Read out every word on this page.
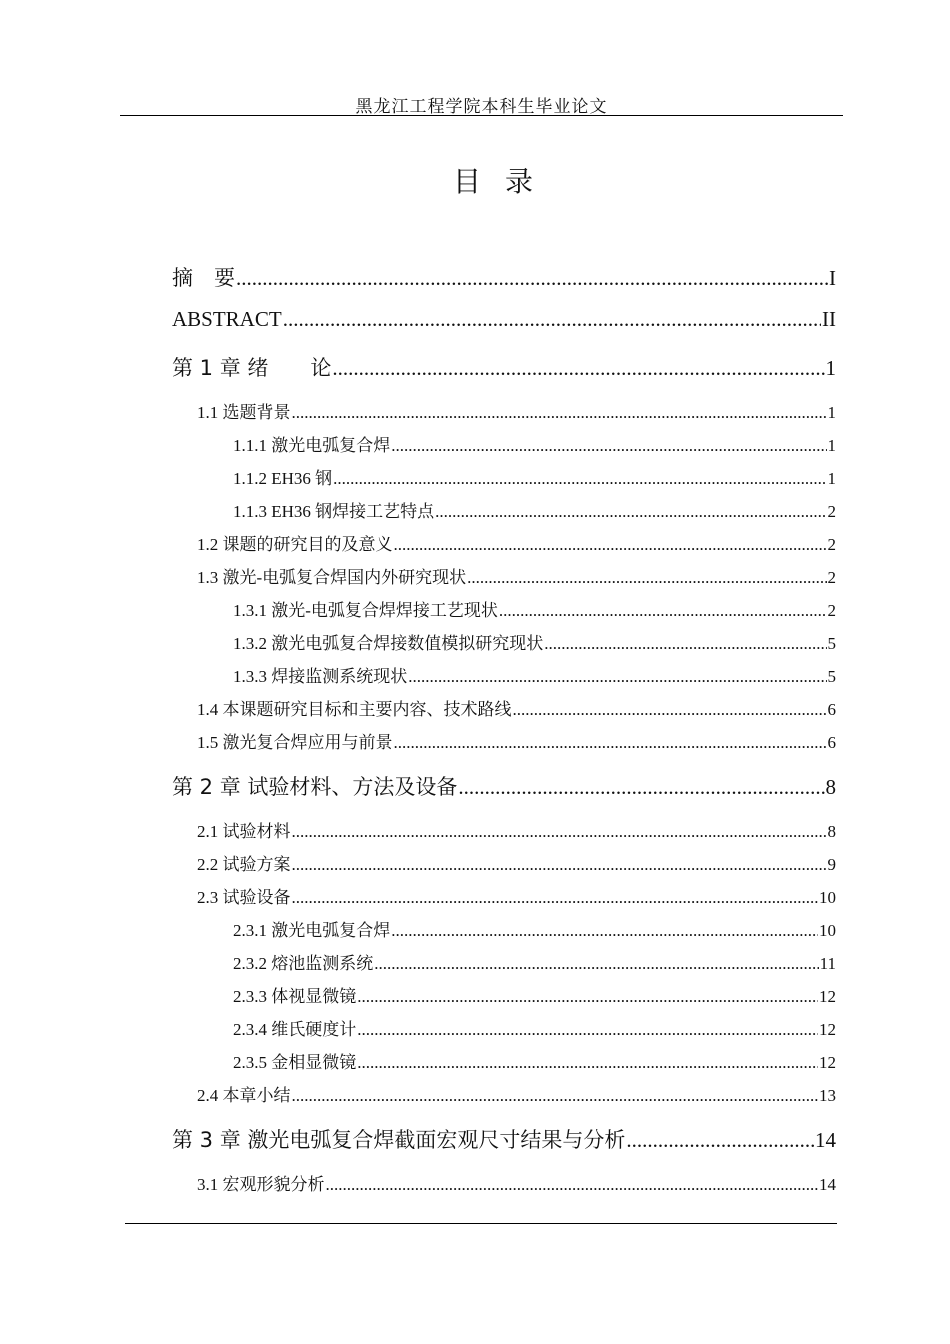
黑龙江工程学院本科生毕业论文
目录
摘　要 .....	I
ABSTRACT .....	II
第 1 章 绪　　论 .....	1
1.1 选题背景 .....	1
1.1.1 激光电弧复合焊 .....	1
1.1.2 EH36 钢 .....	1
1.1.3 EH36 钢焊接工艺特点 .....	2
1.2 课题的研究目的及意义 .....	2
1.3 激光-电弧复合焊国内外研究现状 .....	2
1.3.1 激光-电弧复合焊焊接工艺现状 .....	2
1.3.2 激光电弧复合焊接数值模拟研究现状 .....	5
1.3.3 焊接监测系统现状 .....	5
1.4 本课题研究目标和主要内容、技术路线 .....	6
1.5 激光复合焊应用与前景 .....	6
第 2 章 试验材料、方法及设备 .....	8
2.1 试验材料 .....	8
2.2 试验方案 .....	9
2.3 试验设备 .....	10
2.3.1 激光电弧复合焊 .....	10
2.3.2 熔池监测系统 .....	11
2.3.3 体视显微镜 .....	12
2.3.4 维氏硬度计 .....	12
2.3.5 金相显微镜 .....	12
2.4 本章小结 .....	13
第 3 章 激光电弧复合焊截面宏观尺寸结果与分析 .....	14
3.1 宏观形貌分析 .....	14
